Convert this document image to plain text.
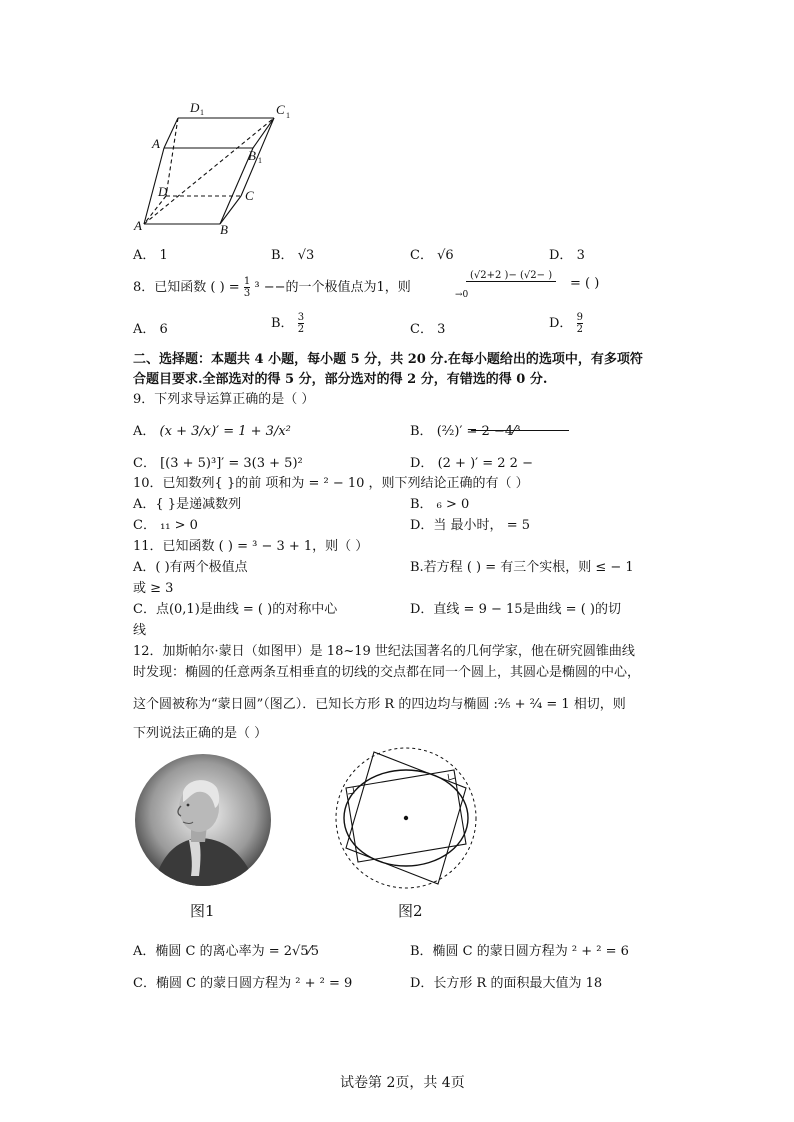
D 1	C 1
A
B 1
D	C
A	B
A． 1	B． √3	C． √6	D． 3
8．已知函数 ( ) = $\frac{1}{3} ^3$ −−的一个极值点为1，则	→0
(√2+2 )− (√2− )
= ( )
A． 6	B． $\frac{3}{2}$	C． 3	D． $\frac{9}{2}$
二、选择题：本题共 4 小题，每小题 5 分，共 20 分.在每小题给出的选项中，有多项符
合题目要求.全部选对的得 5 分，部分选对的得 2 分，有错选的得 0 分.
9．下列求导运算正确的是（ ）
A． (x + 3/x)′ = 1 + 3/x²	B． (²⁄₂)′ = 2 −4⁄³
C． [(3 + 5)³]′ = 3(3 + 5)²	D． (2 + )′ = 2 2 −
10．已知数列{ }的前 项和为 = ² − 10 ，则下列结论正确的有（ ）
A．{ }是递减数列	B． ₆ > 0
C． ₁₁ > 0	D．当 最小时， = 5
11．已知函数 ( ) = ³ − 3 + 1，则（ ）
A．( )有两个极值点	B.若方程 ( ) = 有三个实根，则 ≤ − 1
或 ≥ 3
C．点(0,1)是曲线 = ( )的对称中心	D．直线 = 9 − 15是曲线 = ( )的切
线
12．加斯帕尔·蒙日（如图甲）是 18~19 世纪法国著名的几何学家，他在研究圆锥曲线
时发现：椭圆的任意两条互相垂直的切线的交点都在同一个圆上，其圆心是椭圆的中心，
这个圆被称为“蒙日圆”（图乙）．已知长方形 R 的四边均与椭圆 :²⁄₅ + ²⁄₄ = 1 相切，则
下列说法正确的是（ ）
图1	图2
A．椭圆 C 的离心率为 = 2√5⁄5	B．椭圆 C 的蒙日圆方程为 ² + ² = 6
C．椭圆 C 的蒙日圆方程为 ² + ² = 9	D．长方形 R 的面积最大值为 18
试卷第 2页，共 4页
